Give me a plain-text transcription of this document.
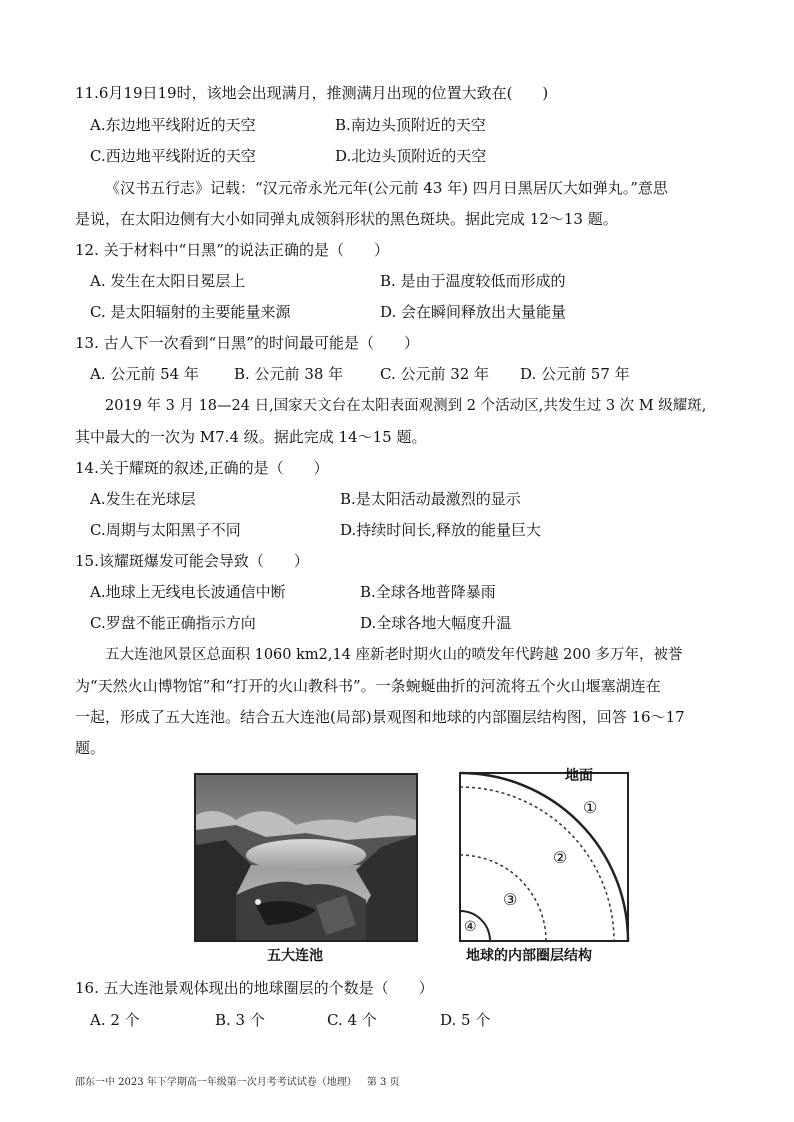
11.6月19日19时，该地会出现满月，推测满月出现的位置大致在(　　)
A.东边地平线附近的天空	B.南边头顶附近的天空
C.西边地平线附近的天空	D.北边头顶附近的天空
《汉书五行志》记载：“汉元帝永光元年(公元前 43 年) 四月日黑居仄大如弹丸。”意思
是说，在太阳边侧有大小如同弹丸成领斜形状的黑色斑块。据此完成 12～13 题。
12. 关于材料中“日黑”的说法正确的是（　　）
A. 发生在太阳日冕层上	B. 是由于温度较低而形成的
C. 是太阳辐射的主要能量来源	D. 会在瞬间释放出大量能量
13. 古人下一次看到“日黑”的时间最可能是（　　）
A. 公元前 54 年 B. 公元前 38 年 C. 公元前 32 年 D. 公元前 57 年
2019 年 3 月 18—24 日,国家天文台在太阳表面观测到 2 个活动区,共发生过 3 次 M 级耀斑,
其中最大的一次为 M7.4 级。据此完成 14～15 题。
14.关于耀斑的叙述,正确的是（　　）
A.发生在光球层	B.是太阳活动最激烈的显示
C.周期与太阳黑子不同	D.持续时间长,释放的能量巨大
15.该耀斑爆发可能会导致（　　）
A.地球上无线电长波通信中断	B.全球各地普降暴雨
C.罗盘不能正确指示方向	D.全球各地大幅度升温
五大连池风景区总面积 1060 km2,14 座新老时期火山的喷发年代跨越 200 多万年，被誉
为“天然火山博物馆”和“打开的火山教科书”。一条蜿蜒曲折的河流将五个火山堰塞湖连在
一起，形成了五大连池。结合五大连池(局部)景观图和地球的内部圈层结构图，回答 16～17
题。
五大连池
地面
①
②
③
④
地球的内部圈层结构
16. 五大连池景观体现出的地球圈层的个数是（　　）
A. 2 个	B. 3 个	C. 4 个	D. 5 个
邵东一中 2023 年下学期高一年级第一次月考考试试卷（地理） 第 3 页
